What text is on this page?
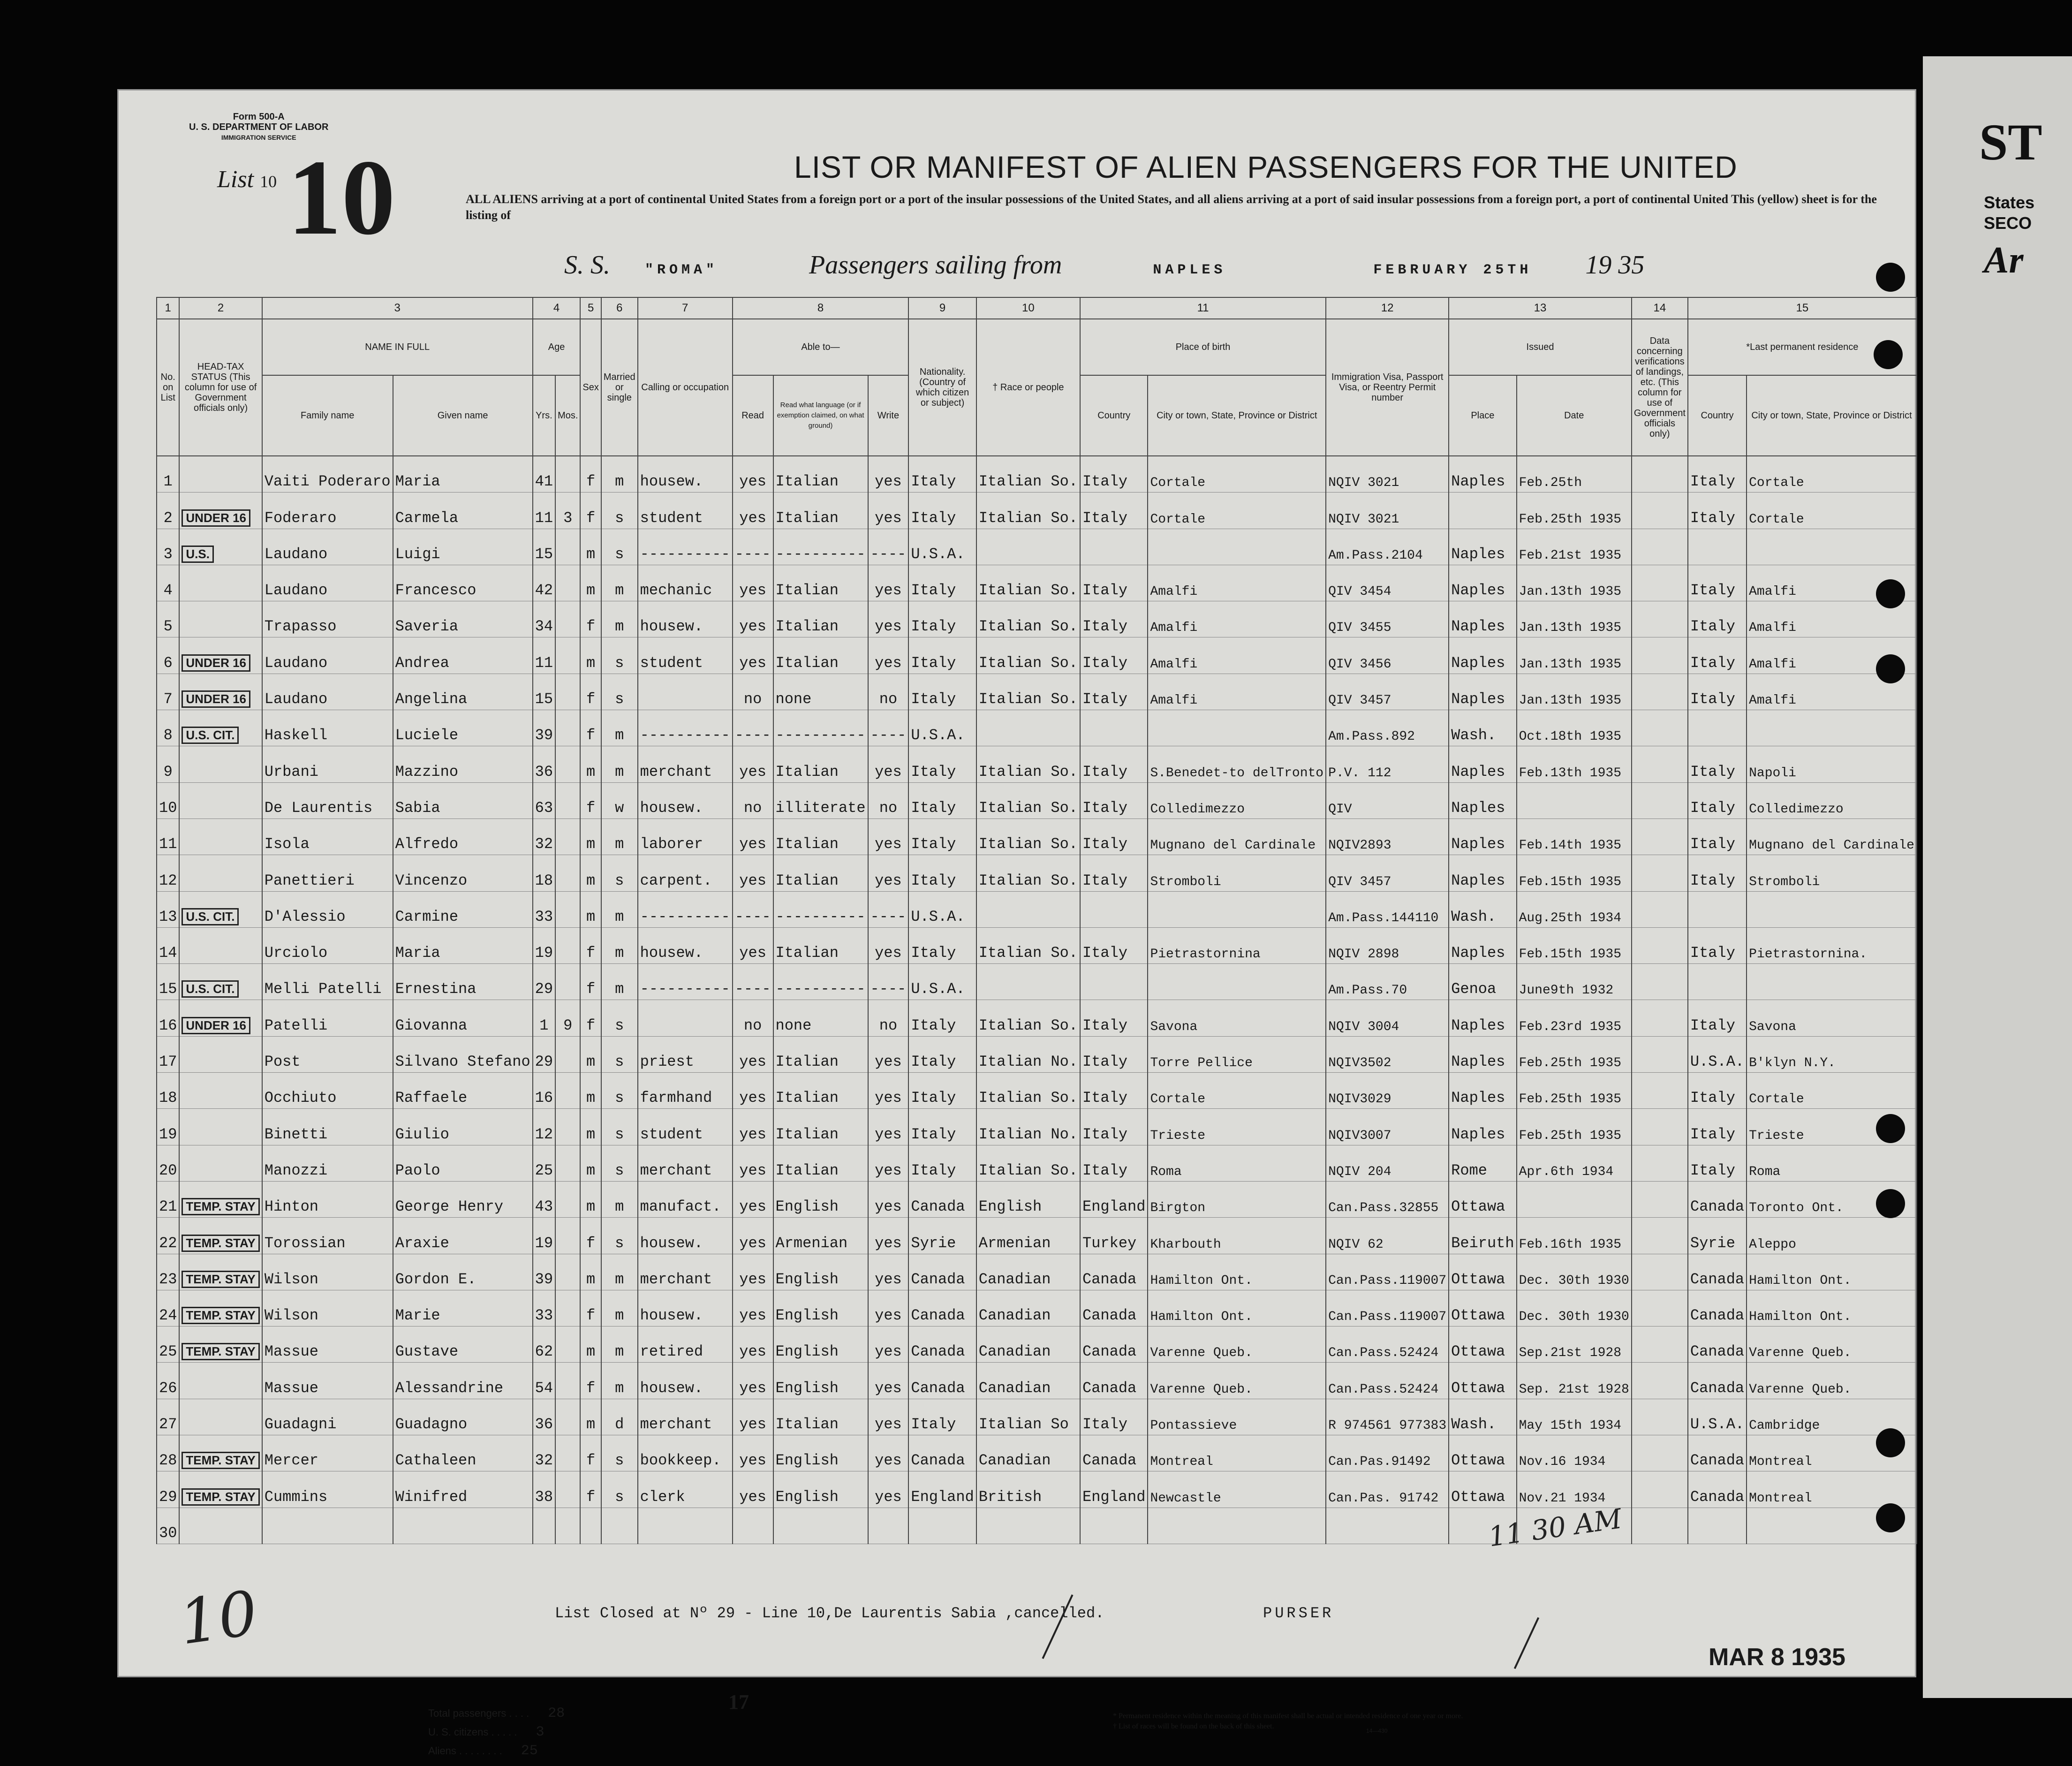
ST
States
SECO
Ar
Form 500-A
U. S. DEPARTMENT OF LABOR
IMMIGRATION SERVICE
List 10 10	LIST OR MANIFEST OF ALIEN PASSENGERS FOR THE UNITED
ALL ALIENS arriving at a port of continental United States from a foreign port or a port of the insular possessions of the United States, and all aliens arriving at a port of said insular possessions from a foreign port, a port of continental United This (yellow) sheet is for the listing of
S. S. "ROMA"	Passengers sailing from	NAPLES	FEBRUARY 25TH 19 35
1	2	3		4		5	6	7	8			9	10	11		12	13		14	15	
No. on List	HEAD-TAX STATUS (This column for use of Government officials only)	NAME IN FULL		Age		Sex	Married or single	Calling or occupation	Able to—			Nationality. (Country of which citizen or subject)	† Race or people	Place of birth		Immigration Visa, Passport Visa, or Reentry Permit number	Issued		Data concerning verifications of landings, etc. (This column for use of Government officials only)	*Last permanent residence	
		Family name	Given name	Yrs.	Mos.				Read	Read what language (or if exemption claimed, on what ground)	Write			Country	City or town, State, Province or District		Place	Date		Country	City or town, State, Province or District
1		Vaiti Poderaro	Maria	41		f	m	housew.	yes	Italian	yes	Italy	Italian So.	Italy	Cortale	NQIV 3021	Naples	Feb.25th		Italy	Cortale
2	UNDER 16	Foderaro	Carmela	11	3	f	s	student	yes	Italian	yes	Italy	Italian So.	Italy	Cortale	NQIV 3021		Feb.25th 1935		Italy	Cortale
3	U.S.	Laudano	Luigi	15		m	s	----------	----	----------	----	U.S.A.				Am.Pass.2104	Naples	Feb.21st 1935			
4		Laudano	Francesco	42		m	m	mechanic	yes	Italian	yes	Italy	Italian So.	Italy	Amalfi	QIV 3454	Naples	Jan.13th 1935		Italy	Amalfi
5		Trapasso	Saveria	34		f	m	housew.	yes	Italian	yes	Italy	Italian So.	Italy	Amalfi	QIV 3455	Naples	Jan.13th 1935		Italy	Amalfi
6	UNDER 16	Laudano	Andrea	11		m	s	student	yes	Italian	yes	Italy	Italian So.	Italy	Amalfi	QIV 3456	Naples	Jan.13th 1935		Italy	Amalfi
7	UNDER 16	Laudano	Angelina	15		f	s		no	none	no	Italy	Italian So.	Italy	Amalfi	QIV 3457	Naples	Jan.13th 1935		Italy	Amalfi
8	U.S. CIT.	Haskell	Luciele	39		f	m	----------	----	----------	----	U.S.A.				Am.Pass.892	Wash.	Oct.18th 1935			
9		Urbani	Mazzino	36		m	m	merchant	yes	Italian	yes	Italy	Italian So.	Italy	S.Benedet-to delTronto	P.V. 112	Naples	Feb.13th 1935		Italy	Napoli
10		De Laurentis	Sabia	63		f	w	housew.	no	illiterate	no	Italy	Italian So.	Italy	Colledimezzo	QIV	Naples			Italy	Colledimezzo
11		Isola	Alfredo	32		m	m	laborer	yes	Italian	yes	Italy	Italian So.	Italy	Mugnano del Cardinale	NQIV2893	Naples	Feb.14th 1935		Italy	Mugnano del Cardinale
12		Panettieri	Vincenzo	18		m	s	carpent.	yes	Italian	yes	Italy	Italian So.	Italy	Stromboli	QIV 3457	Naples	Feb.15th 1935		Italy	Stromboli
13	U.S. CIT.	D'Alessio	Carmine	33		m	m	----------	----	----------	----	U.S.A.				Am.Pass.144110	Wash.	Aug.25th 1934			
14		Urciolo	Maria	19		f	m	housew.	yes	Italian	yes	Italy	Italian So.	Italy	Pietrastornina	NQIV 2898	Naples	Feb.15th 1935		Italy	Pietrastornina.
15	U.S. CIT.	Melli Patelli	Ernestina	29		f	m	----------	----	----------	----	U.S.A.				Am.Pass.70	Genoa	June9th 1932			
16	UNDER 16	Patelli	Giovanna	1	9	f	s		no	none	no	Italy	Italian So.	Italy	Savona	NQIV 3004	Naples	Feb.23rd 1935		Italy	Savona
17		Post	Silvano Stefano	29		m	s	priest	yes	Italian	yes	Italy	Italian No.	Italy	Torre Pellice	NQIV3502	Naples	Feb.25th 1935		U.S.A.	B'klyn N.Y.
18		Occhiuto	Raffaele	16		m	s	farmhand	yes	Italian	yes	Italy	Italian So.	Italy	Cortale	NQIV3029	Naples	Feb.25th 1935		Italy	Cortale
19		Binetti	Giulio	12		m	s	student	yes	Italian	yes	Italy	Italian No.	Italy	Trieste	NQIV3007	Naples	Feb.25th 1935		Italy	Trieste
20		Manozzi	Paolo	25		m	s	merchant	yes	Italian	yes	Italy	Italian So.	Italy	Roma	NQIV 204	Rome	Apr.6th 1934		Italy	Roma
21	TEMP. STAY	Hinton	George Henry	43		m	m	manufact.	yes	English	yes	Canada	English	England	Birgton	Can.Pass.32855	Ottawa			Canada	Toronto Ont.
22	TEMP. STAY	Torossian	Araxie	19		f	s	housew.	yes	Armenian	yes	Syrie	Armenian	Turkey	Kharbouth	NQIV 62	Beiruth	Feb.16th 1935		Syrie	Aleppo
23	TEMP. STAY	Wilson	Gordon E.	39		m	m	merchant	yes	English	yes	Canada	Canadian	Canada	Hamilton Ont.	Can.Pass.119007	Ottawa	Dec. 30th 1930		Canada	Hamilton Ont.
24	TEMP. STAY	Wilson	Marie	33		f	m	housew.	yes	English	yes	Canada	Canadian	Canada	Hamilton Ont.	Can.Pass.119007	Ottawa	Dec. 30th 1930		Canada	Hamilton Ont.
25	TEMP. STAY	Massue	Gustave	62		m	m	retired	yes	English	yes	Canada	Canadian	Canada	Varenne Queb.	Can.Pass.52424	Ottawa	Sep.21st 1928		Canada	Varenne Queb.
26		Massue	Alessandrine	54		f	m	housew.	yes	English	yes	Canada	Canadian	Canada	Varenne Queb.	Can.Pass.52424	Ottawa	Sep. 21st 1928		Canada	Varenne Queb.
27		Guadagni	Guadagno	36		m	d	merchant	yes	Italian	yes	Italy	Italian So	Italy	Pontassieve	R 974561 977383	Wash.	May 15th 1934		U.S.A.	Cambridge
28	TEMP. STAY	Mercer	Cathaleen	32		f	s	bookkeep.	yes	English	yes	Canada	Canadian	Canada	Montreal	Can.Pas.91492	Ottawa	Nov.16 1934		Canada	Montreal
29	TEMP. STAY	Cummins	Winifred	38		f	s	clerk	yes	English	yes	England	British	England	Newcastle	Can.Pas. 91742	Ottawa	Nov.21 1934		Canada	Montreal
30																					
List Closed at Nº 29 - Line 10,De Laurentis Sabia ,cancelled.	PURSER
Total passengers . . . . 28
U. S. citizens . . . . . 3
Aliens . . . . . . . . 25
17
MAR 8 1935
* Permanent residence within the meaning of this manifest shall be actual or intended residence of one year or more.
† List of races will be found on the back of this sheet.
14—430
11 30 AM
10
